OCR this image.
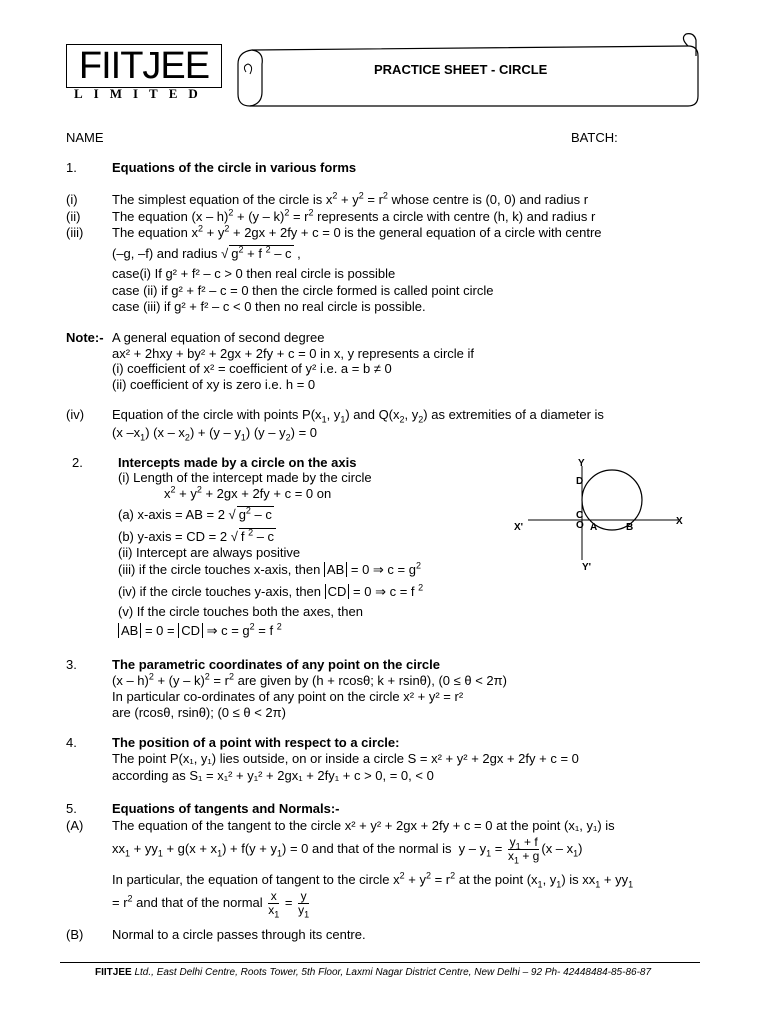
FIITJEE
LIMITED
PRACTICE SHEET - CIRCLE
NAME	BATCH:
1.	Equations of the circle in various forms
(i)	The simplest equation of the circle is $x^2 + y^2 = r^2$ whose centre is (0, 0) and radius r
(ii) The equation $(x - h)^2 + (y - k)^2 = r^2$ represents a circle with centre (h, k) and radius r
(iii) The equation $x^2 + y^2 + 2gx + 2fy + c = 0$ is the general equation of a circle with centre
(–g, –f) and radius √ $g^2 + f$ $^2$ – c ,
case(i) If g² + f² – c > 0 then real circle is possible
case (ii) if g² + f² – c = 0 then the circle formed is called point circle
case (iii) if g² + f² – c < 0 then no real circle is possible.
Note:- A general equation of second degree
ax² + 2hxy + by² + 2gx + 2fy + c = 0 in x, y represents a circle if
(i) coefficient of x² = coefficient of y² i.e. a = b ≠ 0
(ii) coefficient of xy is zero i.e. h = 0
(iv) Equation of the circle with points $P(x_1$, $y_1$) and $Q(x_2$, $y_2$) as extremities of a diameter is
(x $-x_1$) $(x - x_2) + (y - y_1)$ $(y - y_2) = 0$
2.	Intercepts made by a circle on the axis
(i) Length of the intercept made by the circle
$x^2 + y^2 + 2gx + 2fy + c = 0$ on
(a) x-axis = AB = 2 √ $g^2$ – c
(b) y-axis = CD = 2 √ f $^2$ – c
(ii) Intercept are always positive
(iii) if the circle touches x-axis, then AB = 0 ⇒ $c = g^2$
(iv) if the circle touches y-axis, then CD = 0 ⇒ c = f $^2$
(v) If the circle touches both the axes, then
AB = 0 = CD ⇒ $c = g^2 = f$ $^2$
Y
D
C
O A	B
X'
X
Y'
3.	The parametric coordinates of any point on the circle
$(x - h)^2 + (y - k)^2 = r^2$ are given by (h + rcosθ; k + rsinθ), (0 ≤ θ < 2π)
In particular co-ordinates of any point on the circle x² + y² = r²
are (rcosθ, rsinθ); (0 ≤ θ < 2π)
4.	The position of a point with respect to a circle:
The point P(x₁, y₁) lies outside, on or inside a circle S = x² + y² + 2gx + 2fy + c = 0
according as S₁ = x₁² + y₁² + 2gx₁ + 2fy₁ + c > 0, = 0, < 0
5.	Equations of tangents and Normals:-
(A) The equation of the tangent to the circle x² + y² + 2gx + 2fy + c = 0 at the point (x₁, y₁) is
$xx_1 + yy_1 + g(x + x_1) + f(y + y_1) = 0$ and that of the normal is  $y - y_1 = \frac{y_1 + f}{x_1 + g} (x - x_1)$
In particular, the equation of tangent to the circle $x^2 + y^2 = r^2$ at the point ($x_1$, $y_1$) is $xx_1 + yy_1$
= $r^2$ and that of the normal $\frac{x}{x_1} = \frac{y}{y_1}$
(B) Normal to a circle passes through its centre.
FIITJEE Ltd., East Delhi Centre, Roots Tower, 5th Floor, Laxmi Nagar District Centre, New Delhi – 92 Ph- 42448484-85-86-87
